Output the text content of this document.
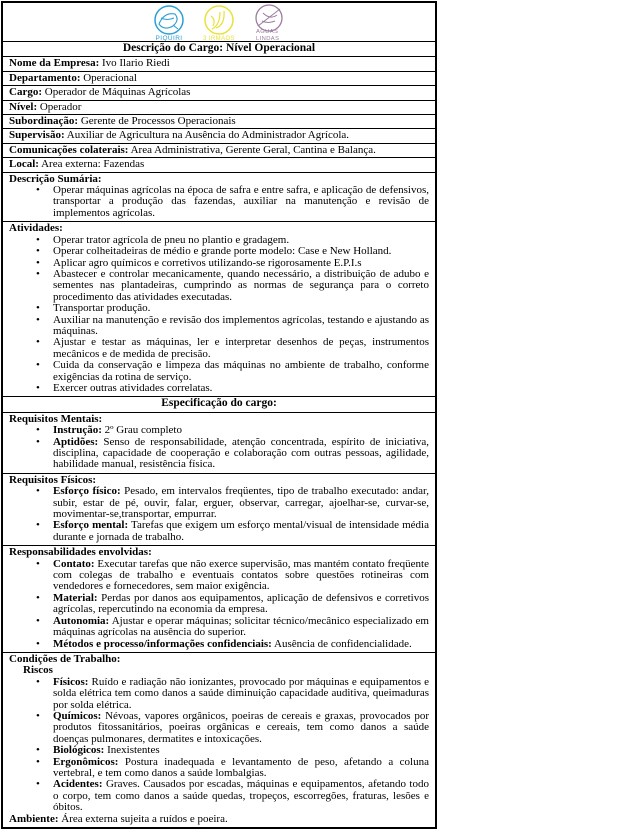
PIQUIRI	3 IRMÃOS
AGUAS
LINDAS
Descrição do Cargo: Nível Operacional
Nome da Empresa: Ivo Ilario Riedi
Departamento: Operacional
Cargo: Operador de Máquinas Agrícolas
Nível: Operador
Subordinação: Gerente de Processos Operacionais
Supervisão: Auxiliar de Agricultura na Ausência do Administrador Agrícola.
Comunicações colaterais: Area Administrativa, Gerente Geral, Cantina e Balança.
Local: Area externa: Fazendas
Descrição Sumária:
• Operar máquinas agrícolas na época de safra e entre safra, e aplicação de defensivos, transportar a produção das fazendas, auxiliar na manutenção e revisão de implementos agrícolas.
Atividades:
• Operar trator agrícola de pneu no plantio e gradagem.
• Operar colheitadeiras de médio e grande porte modelo: Case e New Holland.
• Aplicar agro químicos e corretivos utilizando-se rigorosamente E.P.I.s
• Abastecer e controlar mecanicamente, quando necessário, a distribuição de adubo e sementes nas plantadeiras, cumprindo as normas de segurança para o correto procedimento das atividades executadas.
• Transportar produção.
• Auxiliar na manutenção e revisão dos implementos agrícolas, testando e ajustando as máquinas.
• Ajustar e testar as máquinas, ler e interpretar desenhos de peças, instrumentos mecânicos e de medida de precisão.
• Cuida da conservação e limpeza das máquinas no ambiente de trabalho, conforme exigências da rotina de serviço.
• Exercer outras atividades correlatas.
Especificação do cargo:
Requisitos Mentais:
• Instrução: 2º Grau completo
• Aptidões: Senso de responsabilidade, atenção concentrada, espírito de iniciativa, disciplina, capacidade de cooperação e colaboração com outras pessoas, agilidade, habilidade manual, resistência física.
Requisitos Físicos:
• Esforço físico: Pesado, em intervalos freqüentes, tipo de trabalho executado: andar, subir, estar de pé, ouvir, falar, erguer, observar, carregar, ajoelhar-se, curvar-se, movimentar-se,transportar, empurrar.
• Esforço mental: Tarefas que exigem um esforço mental/visual de intensidade média durante e jornada de trabalho.
Responsabilidades envolvidas:
• Contato: Executar tarefas que não exerce supervisão, mas mantém contato freqüente com colegas de trabalho e eventuais contatos sobre questões rotineiras com vendedores e fornecedores, sem maior exigência.
• Material: Perdas por danos aos equipamentos, aplicação de defensivos e corretivos agrícolas, repercutindo na economia da empresa.
• Autonomia: Ajustar e operar máquinas; solicitar técnico/mecânico especializado em máquinas agrícolas na ausência do superior.
• Métodos e processo/informações confidenciais: Ausência de confidencialidade.
Condições de Trabalho:
Riscos
• Físicos: Ruído e radiação não ionizantes, provocado por máquinas e equipamentos e solda elétrica tem como danos a saúde diminuição capacidade auditiva, queimaduras por solda elétrica.
• Químicos: Névoas, vapores orgânicos, poeiras de cereais e graxas, provocados por produtos fitossanitários, poeiras orgânicas e cereais, tem como danos a saúde doenças pulmonares, dermatites e intoxicações.
• Biológicos: Inexistentes
• Ergonômicos: Postura inadequada e levantamento de peso, afetando a coluna vertebral, e tem como danos a saúde lombalgias.
• Acidentes: Graves. Causados por escadas, máquinas e equipamentos, afetando todo o corpo, tem como danos a saúde quedas, tropeços, escorregões, fraturas, lesões e óbitos.
Ambiente: Área externa sujeita a ruídos e poeira.
